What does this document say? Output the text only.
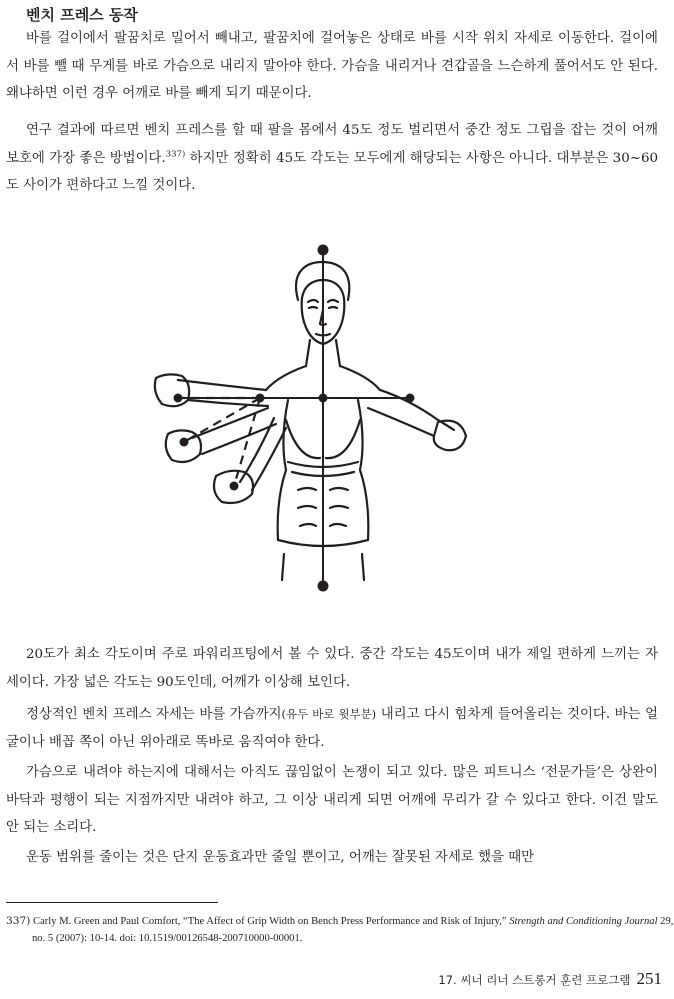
벤치 프레스 동작

바를 걸이에서 팔꿈치로 밀어서 빼내고, 팔꿈치에 걸어놓은 상태로 바를 시작 위치 자세로 이동한다. 걸이에서 바를 뺄 때 무게를 바로 가슴으로 내리지 말아야 한다. 가슴을 내리거나 견갑골을 느슨하게 풀어서도 안 된다. 왜냐하면 이런 경우 어깨로 바를 빼게 되기 때문이다.

연구 결과에 따르면 벤치 프레스를 할 때 팔을 몸에서 45도 정도 벌리면서 중간 정도 그립을 잡는 것이 어깨 보호에 가장 좋은 방법이다.$^{337)}$ 하지만 정확히 45도 각도는 모두에게 해당되는 사항은 아니다. 대부분은 30~60도 사이가 편하다고 느낄 것이다.

20도가 최소 각도이며 주로 파워리프팅에서 볼 수 있다. 중간 각도는 45도이며 내가 제일 편하게 느끼는 자세이다. 가장 넓은 각도는 90도인데, 어깨가 이상해 보인다.

정상적인 벤치 프레스 자세는 바를 가슴까지(유두 바로 윗부분) 내리고 다시 힘차게 들어올리는 것이다. 바는 얼굴이나 배꼽 쪽이 아닌 위아래로 똑바로 움직여야 한다.

가슴으로 내려야 하는지에 대해서는 아직도 끊임없이 논쟁이 되고 있다. 많은 피트니스 ‘전문가들’은 상완이 바닥과 평행이 되는 지점까지만 내려야 하고, 그 이상 내리게 되면 어깨에 무리가 갈 수 있다고 한다. 이건 말도 안 되는 소리다.

운동 범위를 줄이는 것은 단지 운동효과만 줄일 뿐이고, 어깨는 잘못된 자세로 했을 때만

337) Carly M. Green and Paul Comfort, “The Affect of Grip Width on Bench Press Performance and Risk of Injury,” Strength and Conditioning Journal 29, no. 5 (2007): 10-14. doi: 10.1519/00126548-200710000-00001.

17. 씨너 리너 스트롱거 훈련 프로그램 251
